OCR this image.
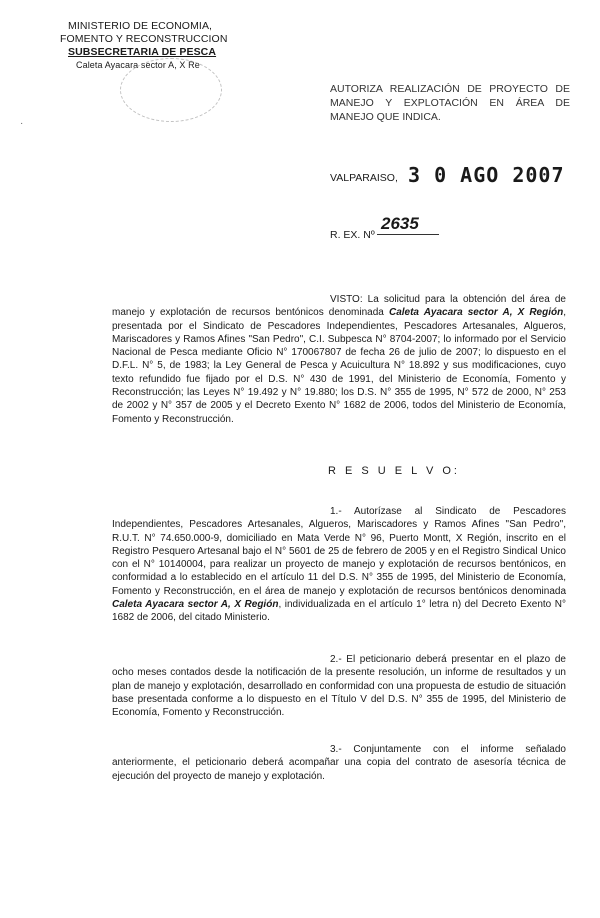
MINISTERIO DE ECONOMIA,
FOMENTO Y RECONSTRUCCION
SUBSECRETARIA DE PESCA
Caleta Ayacara sector A, X Re
·
AUTORIZA REALIZACIÓN DE PROYECTO DE MANEJO Y EXPLOTACIÓN EN ÁREA DE MANEJO QUE INDICA.
VALPARAISO, 3 0 AGO 2007
R. EX. Nº
2635
VISTO: La solicitud para la obtención del área de manejo y explotación de recursos bentónicos denominada Caleta Ayacara sector A, X Región, presentada por el Sindicato de Pescadores Independientes, Pescadores Artesanales, Algueros, Mariscadores y Ramos Afines "San Pedro", C.I. Subpesca N° 8704-2007; lo informado por el Servicio Nacional de Pesca mediante Oficio N° 170067807 de fecha 26 de julio de 2007; lo dispuesto en el D.F.L. N° 5, de 1983; la Ley General de Pesca y Acuicultura N° 18.892 y sus modificaciones, cuyo texto refundido fue fijado por el D.S. N° 430 de 1991, del Ministerio de Economía, Fomento y Reconstrucción; las Leyes N° 19.492 y N° 19.880; los D.S. N° 355 de 1995, N° 572 de 2000, N° 253 de 2002 y N° 357 de 2005 y el Decreto Exento N° 1682 de 2006, todos del Ministerio de Economía, Fomento y Reconstrucción.
R E S U E L V O:
1.- Autorízase al Sindicato de Pescadores Independientes, Pescadores Artesanales, Algueros, Mariscadores y Ramos Afines "San Pedro", R.U.T. N° 74.650.000-9, domiciliado en Mata Verde N° 96, Puerto Montt, X Región, inscrito en el Registro Pesquero Artesanal bajo el N° 5601 de 25 de febrero de 2005 y en el Registro Sindical Unico con el N° 10140004, para realizar un proyecto de manejo y explotación de recursos bentónicos, en conformidad a lo establecido en el artículo 11 del D.S. N° 355 de 1995, del Ministerio de Economía, Fomento y Reconstrucción, en el área de manejo y explotación de recursos bentónicos denominada Caleta Ayacara sector A, X Región, individualizada en el artículo 1° letra n) del Decreto Exento N° 1682 de 2006, del citado Ministerio.
2.- El peticionario deberá presentar en el plazo de ocho meses contados desde la notificación de la presente resolución, un informe de resultados y un plan de manejo y explotación, desarrollado en conformidad con una propuesta de estudio de situación base presentada conforme a lo dispuesto en el Título V del D.S. N° 355 de 1995, del Ministerio de Economía, Fomento y Reconstrucción.
3.- Conjuntamente con el informe señalado anteriormente, el peticionario deberá acompañar una copia del contrato de asesoría técnica de ejecución del proyecto de manejo y explotación.
